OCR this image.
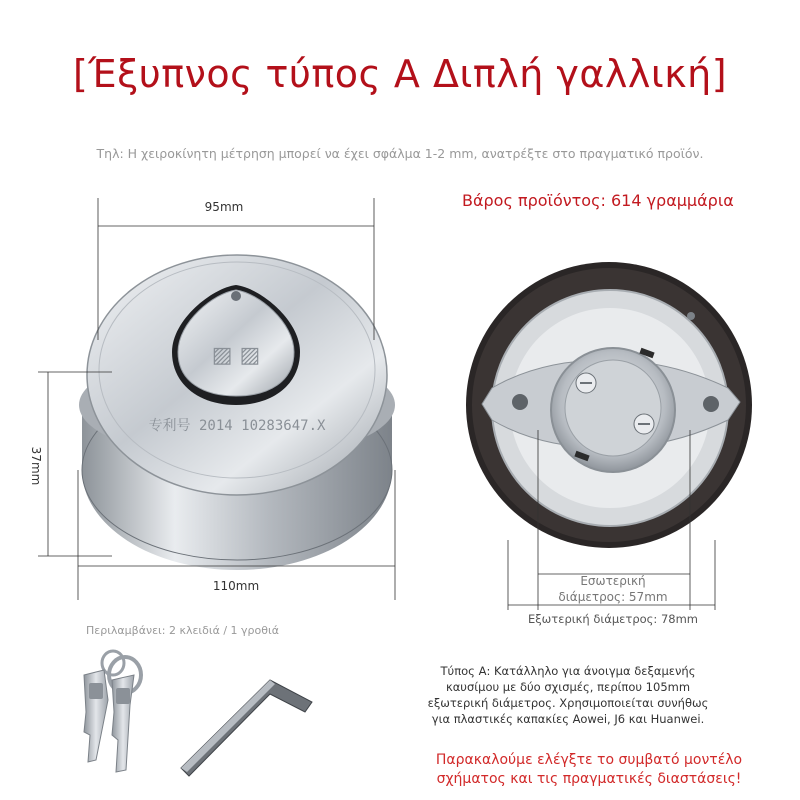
[Έξυπνος τύπος Α Διπλή γαλλική]
Τηλ: Η χειροκίνητη μέτρηση μπορεί να έχει σφάλμα 1-2 mm, ανατρέξτε στο πραγματικό προϊόν.
Βάρος προϊόντος: 614 γραμμάρια
▨ ▨
专利号 2014 10283647.X
95mm
37mm
110mm	Εσωτερική
διάμετρος: 57mm
Εξωτερική διάμετρος: 78mm
Περιλαμβάνει: 2 κλειδιά / 1 γροθιά
Τύπος Α: Κατάλληλο για άνοιγμα δεξαμενής
καυσίμου με δύο σχισμές, περίπου 105mm
εξωτερική διάμετρος. Χρησιμοποιείται συνήθως
για πλαστικές καπακίες Aowei, J6 και Huanwei.
Παρακαλούμε ελέγξτε το συμβατό μοντέλο
σχήματος και τις πραγματικές διαστάσεις!
